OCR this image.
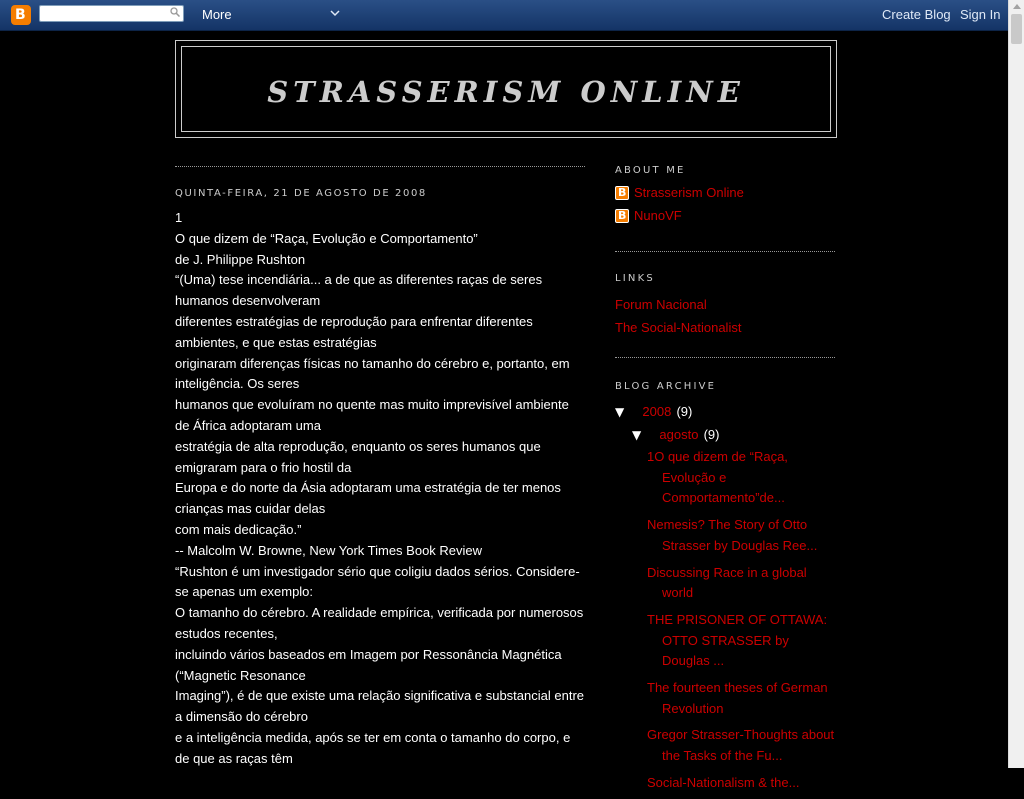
B	More	Create Blog Sign In
STRASSERISM ONLINE
QUINTA-FEIRA, 21 DE AGOSTO DE 2008
1
O que dizem de “Raça, Evolução e Comportamento”
de J. Philippe Rushton
“(Uma) tese incendiária... a de que as diferentes raças de seres humanos desenvolveram
diferentes estratégias de reprodução para enfrentar diferentes ambientes, e que estas estratégias
originaram diferenças físicas no tamanho do cérebro e, portanto, em inteligência. Os seres
humanos que evoluíram no quente mas muito imprevisível ambiente de África adoptaram uma
estratégia de alta reprodução, enquanto os seres humanos que emigraram para o frio hostil da
Europa e do norte da Ásia adoptaram uma estratégia de ter menos crianças mas cuidar delas
com mais dedicação.”
-- Malcolm W. Browne, New York Times Book Review
“Rushton é um investigador sério que coligiu dados sérios. Considere-se apenas um exemplo:
O tamanho do cérebro. A realidade empírica, verificada por numerosos estudos recentes,
incluindo vários baseados em Imagem por Ressonância Magnética (“Magnetic Resonance
Imaging”), é de que existe uma relação significativa e substancial entre a dimensão do cérebro
e a inteligência medida, após se ter em conta o tamanho do corpo, e de que as raças têm
ABOUT ME
B Strasserism Online
B NunoVF
LINKS
Forum Nacional
The Social-Nationalist
BLOG ARCHIVE
▼ 2008 (9)
▼ agosto (9)
1O que dizem de “Raça, Evolução e Comportamento”de...
Nemesis? The Story of Otto Strasser by Douglas Ree...
Discussing Race in a global world
THE PRISONER OF OTTAWA: OTTO STRASSER by Douglas ...
The fourteen theses of German Revolution
Gregor Strasser-Thoughts about the Tasks of the Fu...
Social-Nationalism & the...
